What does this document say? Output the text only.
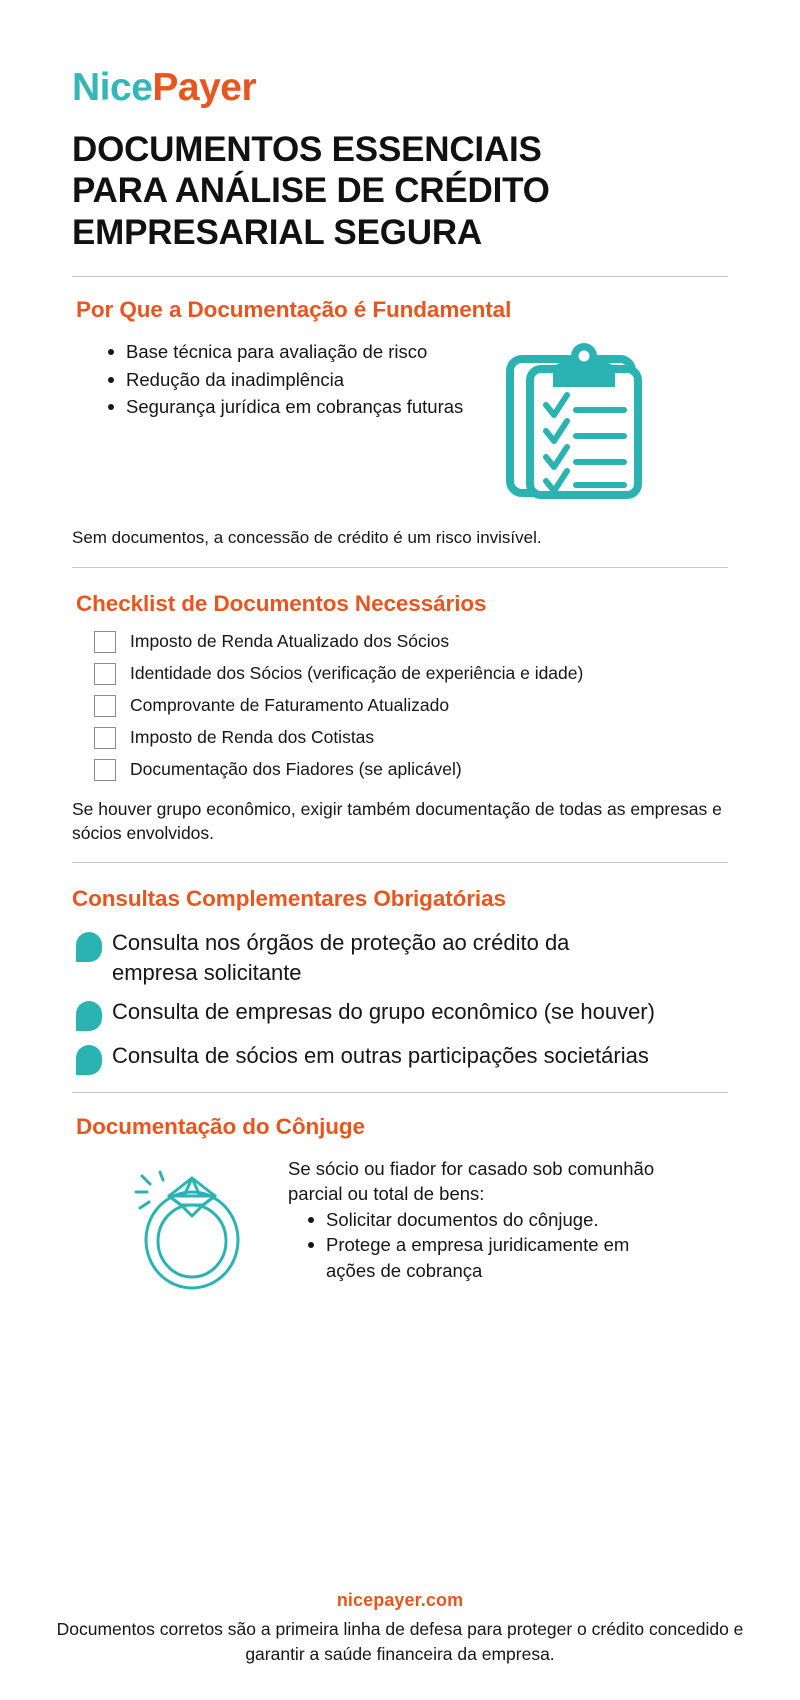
NicePayer
DOCUMENTOS ESSENCIAIS PARA ANÁLISE DE CRÉDITO EMPRESARIAL SEGURA
Por Que a Documentação é Fundamental
Base técnica para avaliação de risco
Redução da inadimplência
Segurança jurídica em cobranças futuras
Sem documentos, a concessão de crédito é um risco invisível.
Checklist de Documentos Necessários
Imposto de Renda Atualizado dos Sócios
Identidade dos Sócios (verificação de experiência e idade)
Comprovante de Faturamento Atualizado
Imposto de Renda dos Cotistas
Documentação dos Fiadores (se aplicável)
Se houver grupo econômico, exigir também documentação de todas as empresas e sócios envolvidos.
Consultas Complementares Obrigatórias
Consulta nos órgãos de proteção ao crédito da empresa solicitante
Consulta de empresas do grupo econômico (se houver)
Consulta de sócios em outras participações societárias
Documentação do Cônjuge
Se sócio ou fiador for casado sob comunhão parcial ou total de bens:
Solicitar documentos do cônjuge.
Protege a empresa juridicamente em ações de cobrança
nicepayer.com
Documentos corretos são a primeira linha de defesa para proteger o crédito concedido e garantir a saúde financeira da empresa.
